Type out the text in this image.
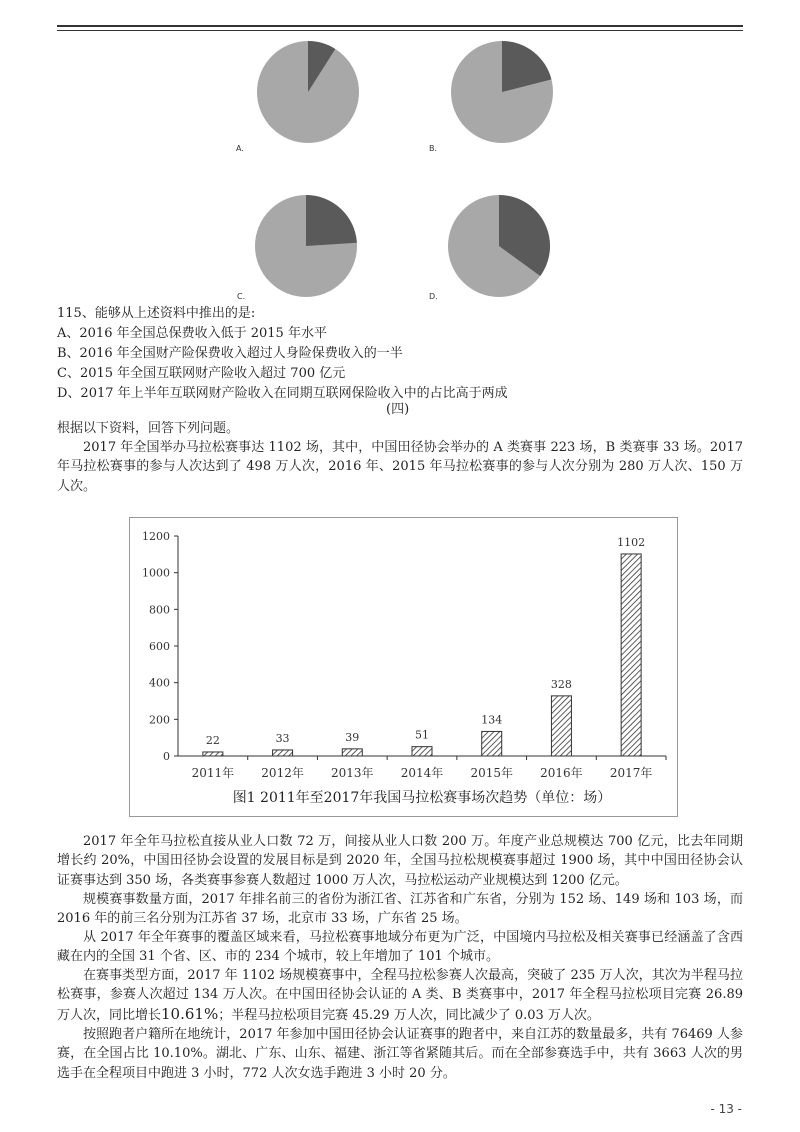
A.	B.
C.	D.
115、能够从上述资料中推出的是:
A、2016 年全国总保费收入低于 2015 年水平
B、2016 年全国财产险保费收入超过人身险保费收入的一半
C、2015 年全国互联网财产险收入超过 700 亿元
D、2017 年上半年互联网财产险收入在同期互联网保险收入中的占比高于两成
(四)
根据以下资料，回答下列问题。
2017 年全国举办马拉松赛事达 1102 场，其中，中国田径协会举办的 A 类赛事 223 场，B 类赛事 33 场。2017 年马拉松赛事的参与人次达到了 498 万人次，2016 年、2015 年马拉松赛事的参与人次分别为 280 万人次、150 万人次。
0
200
400
600
800
1000
1200
22
2011年
33
2012年
39
2013年
51
2014年
134
2015年
328
2016年
1102
2017年
图1 2011年至2017年我国马拉松赛事场次趋势（单位：场）
2017 年全年马拉松直接从业人口数 72 万，间接从业人口数 200 万。年度产业总规模达 700 亿元，比去年同期增长约 20%，中国田径协会设置的发展目标是到 2020 年，全国马拉松规模赛事超过 1900 场，其中中国田径协会认证赛事达到 350 场，各类赛事参赛人数超过 1000 万人次，马拉松运动产业规模达到 1200 亿元。
规模赛事数量方面，2017 年排名前三的省份为浙江省、江苏省和广东省，分别为 152 场、149 场和 103 场，而 2016 年的前三名分别为江苏省 37 场，北京市 33 场，广东省 25 场。
从 2017 年全年赛事的覆盖区域来看，马拉松赛事地域分布更为广泛，中国境内马拉松及相关赛事已经涵盖了含西藏在内的全国 31 个省、区、市的 234 个城市，较上年增加了 101 个城市。
在赛事类型方面，2017 年 1102 场规模赛事中，全程马拉松参赛人次最高，突破了 235 万人次，其次为半程马拉松赛事，参赛人次超过 134 万人次。在中国田径协会认证的 A 类、B 类赛事中，2017 年全程马拉松项目完赛 26.89 万人次，同比增长10.61%；半程马拉松项目完赛 45.29 万人次，同比减少了 0.03 万人次。
按照跑者户籍所在地统计，2017 年参加中国田径协会认证赛事的跑者中，来自江苏的数量最多，共有 76469 人参赛，在全国占比 10.10%。湖北、广东、山东、福建、浙江等省紧随其后。而在全部参赛选手中，共有 3663 人次的男选手在全程项目中跑进 3 小时，772 人次女选手跑进 3 小时 20 分。
- 13 -
